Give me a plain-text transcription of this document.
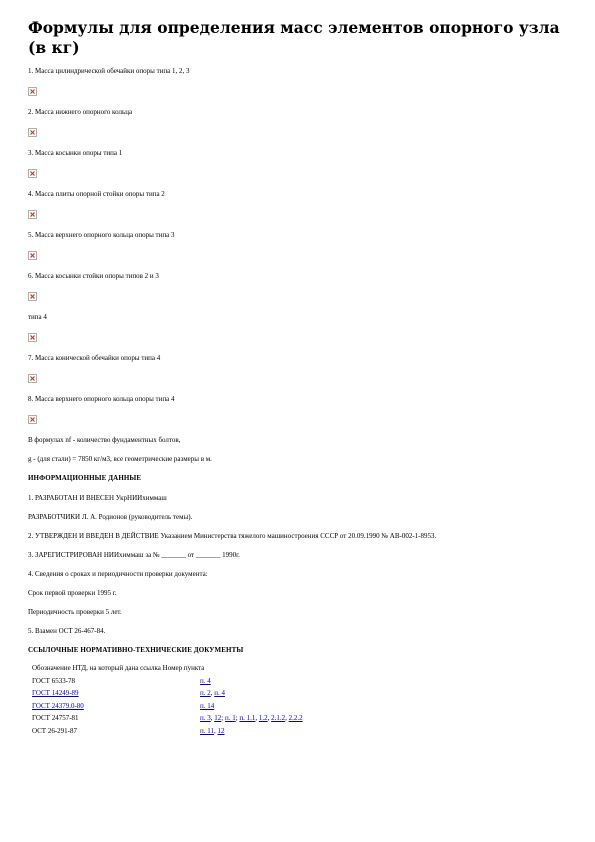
Формулы для определения масс элементов опорного узла (в кг)

1. Масса цилиндрической обечайки опоры типа 1, 2, 3

2. Масса нижнего опорного кольца

3. Масса косынки опоры типа 1

4. Масса плиты опорной стойки опоры типа 2

5. Масса верхнего опорного кольца опоры типа 3

6. Масса косынки стойки опоры типов 2 и 3

типа 4

7. Масса конической обечайки опоры типа 4

8. Масса верхнего опорного кольца опоры типа 4

В формулах nf - количество фундаментных болтов,

g - (для стали) = 7850 кг/м3, все геометрические размеры в м.

ИНФОРМАЦИОННЫЕ ДАННЫЕ

1. РАЗРАБОТАН И ВНЕСЕН УкрНИИхиммаш

РАЗРАБОТЧИКИ Л. А. Родионов (руководитель темы).

2. УТВЕРЖДЕН И ВВЕДЕН В ДЕЙСТВИЕ Указанием Министерства тяжелого машиностроения СССР от 20.09.1990 № АВ-002-1-8953.

3. ЗАРЕГИСТРИРОВАН НИИхиммаш за № _______ от _______ 1990г.

4. Сведения о сроках и периодичности проверки документа:

Срок первой проверки 1995 г.

Периодичность проверки 5 лет.

5. Взамен ОСТ 26-467-84.

ССЫЛОЧНЫЕ НОРМАТИВНО-ТЕХНИЧЕСКИЕ ДОКУМЕНТЫ

Обозначение НТД, на который дана ссылка Номер пункта	
ГОСТ 6533-78	п. 4
ГОСТ 14249-89	п. 2, п. 4
ГОСТ 24379.0-80	п. 14
ГОСТ 24757-81	п. 3, 12; п. 1; п. 1.1, 1.2, 2.1.2, 2.2.2
ОСТ 26-291-87	п. 11, 12
